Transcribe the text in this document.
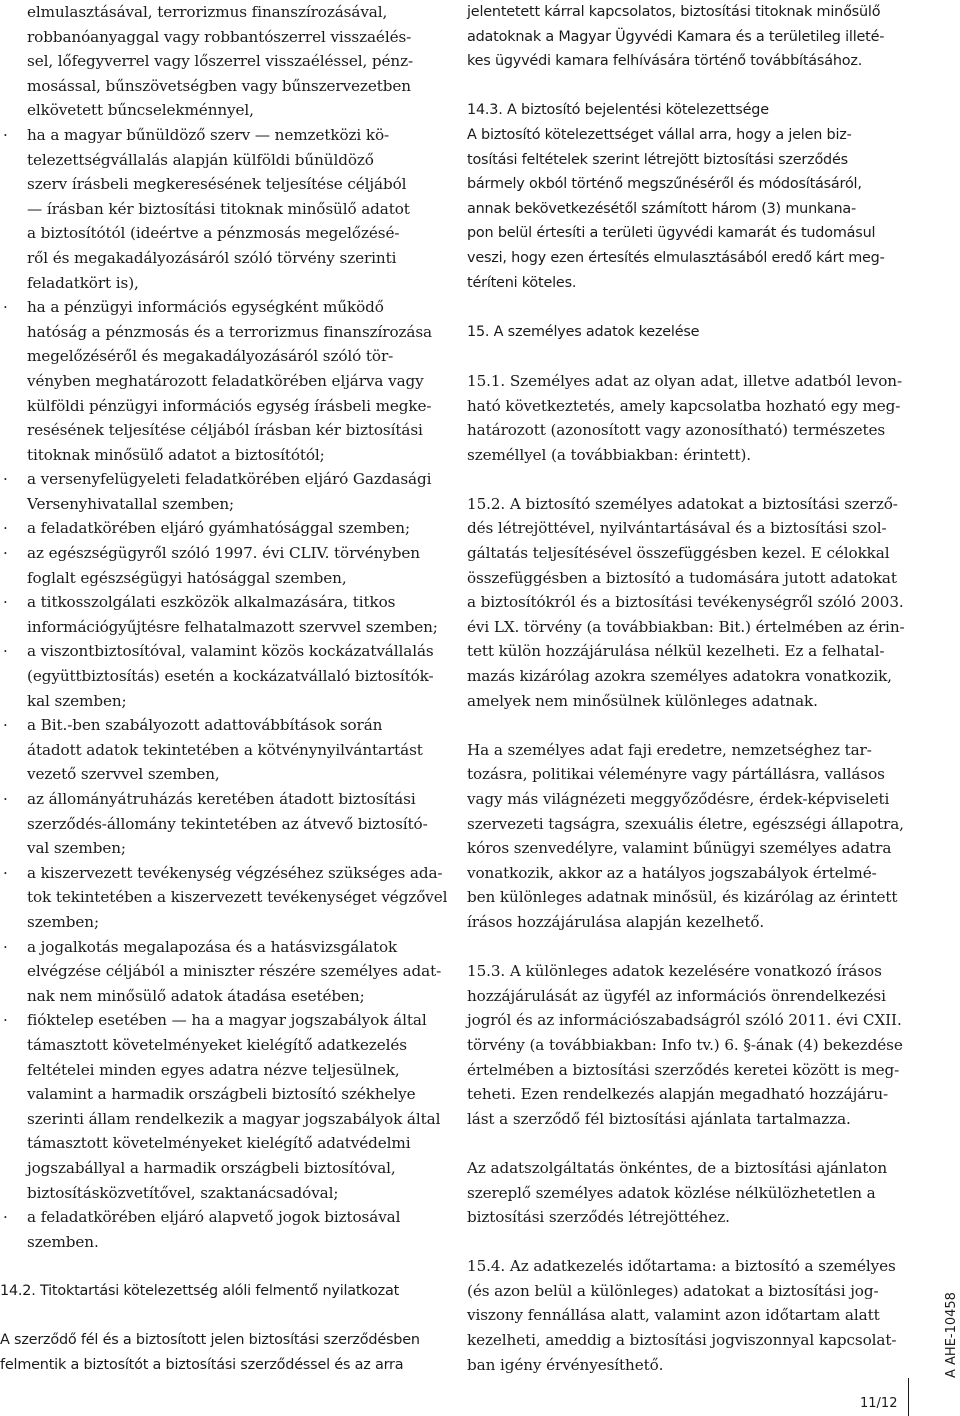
elmulasztásával, terrorizmus finanszírozásával,
robbanóanyaggal vagy robbantószerrel visszaélés-
sel, lőfegyverrel vagy lőszerrel visszaéléssel, pénz-
mosással, bűnszövetségben vagy bűnszervezetben
elkövetett bűncselekménnyel,
· ha a magyar bűnüldöző szerv — nemzetközi kö-
telezettségvállalás alapján külföldi bűnüldöző
szerv írásbeli megkeresésének teljesítése céljából
— írásban kér biztosítási titoknak minősülő adatot
a biztosítótól (ideértve a pénzmosás megelőzésé-
ről és megakadályozásáról szóló törvény szerinti
feladatkört is),
· ha a pénzügyi információs egységként működő
hatóság a pénzmosás és a terrorizmus finanszírozása
megelőzéséről és megakadályozásáról szóló tör-
vényben meghatározott feladatkörében eljárva vagy
külföldi pénzügyi információs egység írásbeli megke-
resésének teljesítése céljából írásban kér biztosítási
titoknak minősülő adatot a biztosítótól;
· a versenyfelügyeleti feladatkörében eljáró Gazdasági
Versenyhivatallal szemben;
· a feladatkörében eljáró gyámhatósággal szemben;
· az egészségügyről szóló 1997. évi CLIV. törvényben
foglalt egészségügyi hatósággal szemben,
· a titkosszolgálati eszközök alkalmazására, titkos
információgyűjtésre felhatalmazott szervvel szemben;
· a viszontbiztosítóval, valamint közös kockázatvállalás
(együttbiztosítás) esetén a kockázatvállaló biztosítók-
kal szemben;
· a Bit.-ben szabályozott adattovábbítások során
átadott adatok tekintetében a kötvénynyilvántartást
vezető szervvel szemben,
· az állományátruházás keretében átadott biztosítási
szerződés-állomány tekintetében az átvevő biztosító-
val szemben;
· a kiszervezett tevékenység végzéséhez szükséges ada-
tok tekintetében a kiszervezett tevékenységet végzővel
szemben;
· a jogalkotás megalapozása és a hatásvizsgálatok
elvégzése céljából a miniszter részére személyes adat-
nak nem minősülő adatok átadása esetében;
· fióktelep esetében — ha a magyar jogszabályok által
támasztott követelményeket kielégítő adatkezelés
feltételei minden egyes adatra nézve teljesülnek,
valamint a harmadik országbeli biztosító székhelye
szerinti állam rendelkezik a magyar jogszabályok által
támasztott követelményeket kielégítő adatvédelmi
jogszabállyal a harmadik országbeli biztosítóval,
biztosításközvetítővel, szaktanácsadóval;
· a feladatkörében eljáró alapvető jogok biztosával
szemben.
14.2. Titoktartási kötelezettség alóli felmentő nyilatkozat
A szerződő fél és a biztosított jelen biztosítási szerződésben
felmentik a biztosítót a biztosítási szerződéssel és az arra
jelentetett kárral kapcsolatos, biztosítási titoknak minősülő
adatoknak a Magyar Ügyvédi Kamara és a területileg illeté-
kes ügyvédi kamara felhívására történő továbbításához.
14.3. A biztosító bejelentési kötelezettsége
A biztosító kötelezettséget vállal arra, hogy a jelen biz-
tosítási feltételek szerint létrejött biztosítási szerződés
bármely okból történő megszűnéséről és módosításáról,
annak bekövetkezésétől számított három (3) munkana-
pon belül értesíti a területi ügyvédi kamarát és tudomásul
veszi, hogy ezen értesítés elmulasztásából eredő kárt meg-
téríteni köteles.
15. A személyes adatok kezelése
15.1. Személyes adat az olyan adat, illetve adatból levon-
ható következtetés, amely kapcsolatba hozható egy meg-
határozott (azonosított vagy azonosítható) természetes
személlyel (a továbbiakban: érintett).
15.2. A biztosító személyes adatokat a biztosítási szerző-
dés létrejöttével, nyilvántartásával és a biztosítási szol-
gáltatás teljesítésével összefüggésben kezel. E célokkal
összefüggésben a biztosító a tudomására jutott adatokat
a biztosítókról és a biztosítási tevékenységről szóló 2003.
évi LX. törvény (a továbbiakban: Bit.) értelmében az érin-
tett külön hozzájárulása nélkül kezelheti. Ez a felhatal-
mazás kizárólag azokra személyes adatokra vonatkozik,
amelyek nem minősülnek különleges adatnak.
Ha a személyes adat faji eredetre, nemzetséghez tar-
tozásra, politikai véleményre vagy pártállásra, vallásos
vagy más világnézeti meggyőződésre, érdek-képviseleti
szervezeti tagságra, szexuális életre, egészségi állapotra,
kóros szenvedélyre, valamint bűnügyi személyes adatra
vonatkozik, akkor az a hatályos jogszabályok értelmé-
ben különleges adatnak minősül, és kizárólag az érintett
írásos hozzájárulása alapján kezelhető.
15.3. A különleges adatok kezelésére vonatkozó írásos
hozzájárulását az ügyfél az információs önrendelkezési
jogról és az információszabadságról szóló 2011. évi CXII.
törvény (a továbbiakban: Info tv.) 6. §-ának (4) bekezdése
értelmében a biztosítási szerződés keretei között is meg-
teheti. Ezen rendelkezés alapján megadható hozzájáru-
lást a szerződő fél biztosítási ajánlata tartalmazza.
Az adatszolgáltatás önkéntes, de a biztosítási ajánlaton
szereplő személyes adatok közlése nélkülözhetetlen a
biztosítási szerződés létrejöttéhez.
15.4. Az adatkezelés időtartama: a biztosító a személyes
(és azon belül a különleges) adatokat a biztosítási jog-
viszony fennállása alatt, valamint azon időtartam alatt
kezelheti, ameddig a biztosítási jogviszonnyal kapcsolat-
ban igény érvényesíthető.
11/12
A AHE-10458
